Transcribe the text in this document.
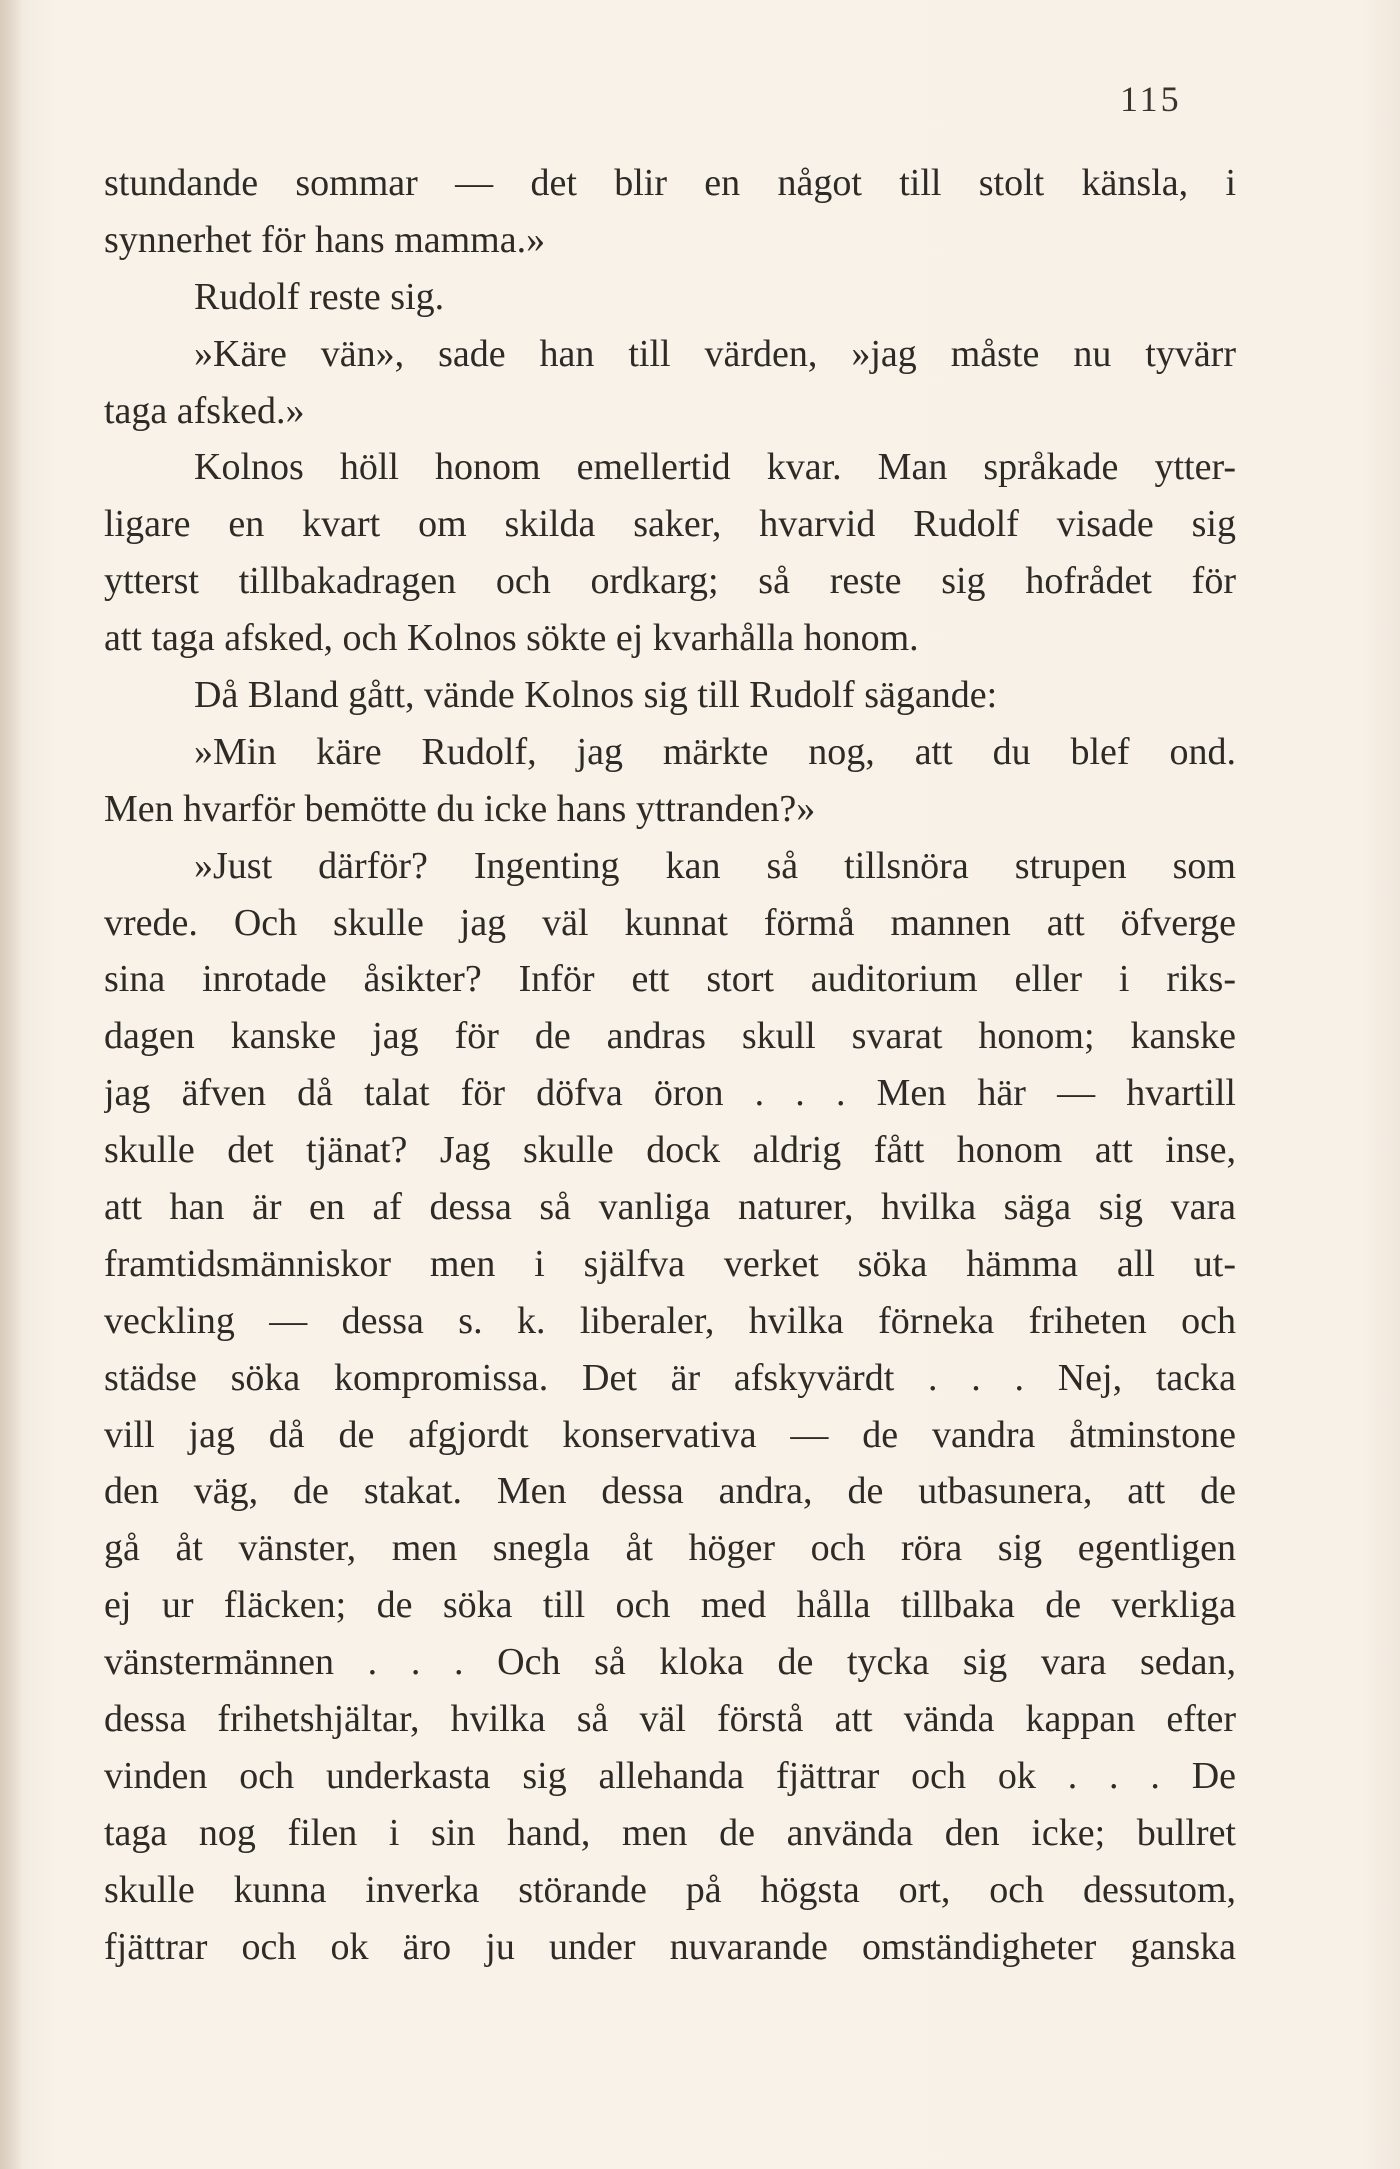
115
stundande sommar — det blir en något till stolt känsla, i
synnerhet för hans mamma.»
Rudolf reste sig.
»Käre vän», sade han till värden, »jag måste nu tyvärr
taga afsked.»
Kolnos höll honom emellertid kvar. Man språkade ytter-
ligare en kvart om skilda saker, hvarvid Rudolf visade sig
ytterst tillbakadragen och ordkarg; så reste sig hofrådet för
att taga afsked, och Kolnos sökte ej kvarhålla honom.
Då Bland gått, vände Kolnos sig till Rudolf sägande:
»Min käre Rudolf, jag märkte nog, att du blef ond.
Men hvarför bemötte du icke hans yttranden?»
»Just därför? Ingenting kan så tillsnöra strupen som
vrede. Och skulle jag väl kunnat förmå mannen att öfverge
sina inrotade åsikter? Inför ett stort auditorium eller i riks-
dagen kanske jag för de andras skull svarat honom; kanske
jag äfven då talat för döfva öron . . . Men här — hvartill
skulle det tjänat? Jag skulle dock aldrig fått honom att inse,
att han är en af dessa så vanliga naturer, hvilka säga sig vara
framtidsmänniskor men i själfva verket söka hämma all ut-
veckling — dessa s. k. liberaler, hvilka förneka friheten och
städse söka kompromissa. Det är afskyvärdt . . . Nej, tacka
vill jag då de afgjordt konservativa — de vandra åtminstone
den väg, de stakat. Men dessa andra, de utbasunera, att de
gå åt vänster, men snegla åt höger och röra sig egentligen
ej ur fläcken; de söka till och med hålla tillbaka de verkliga
vänstermännen . . . Och så kloka de tycka sig vara sedan,
dessa frihetshjältar, hvilka så väl förstå att vända kappan efter
vinden och underkasta sig allehanda fjättrar och ok . . . De
taga nog filen i sin hand, men de använda den icke; bullret
skulle kunna inverka störande på högsta ort, och dessutom,
fjättrar och ok äro ju under nuvarande omständigheter ganska
